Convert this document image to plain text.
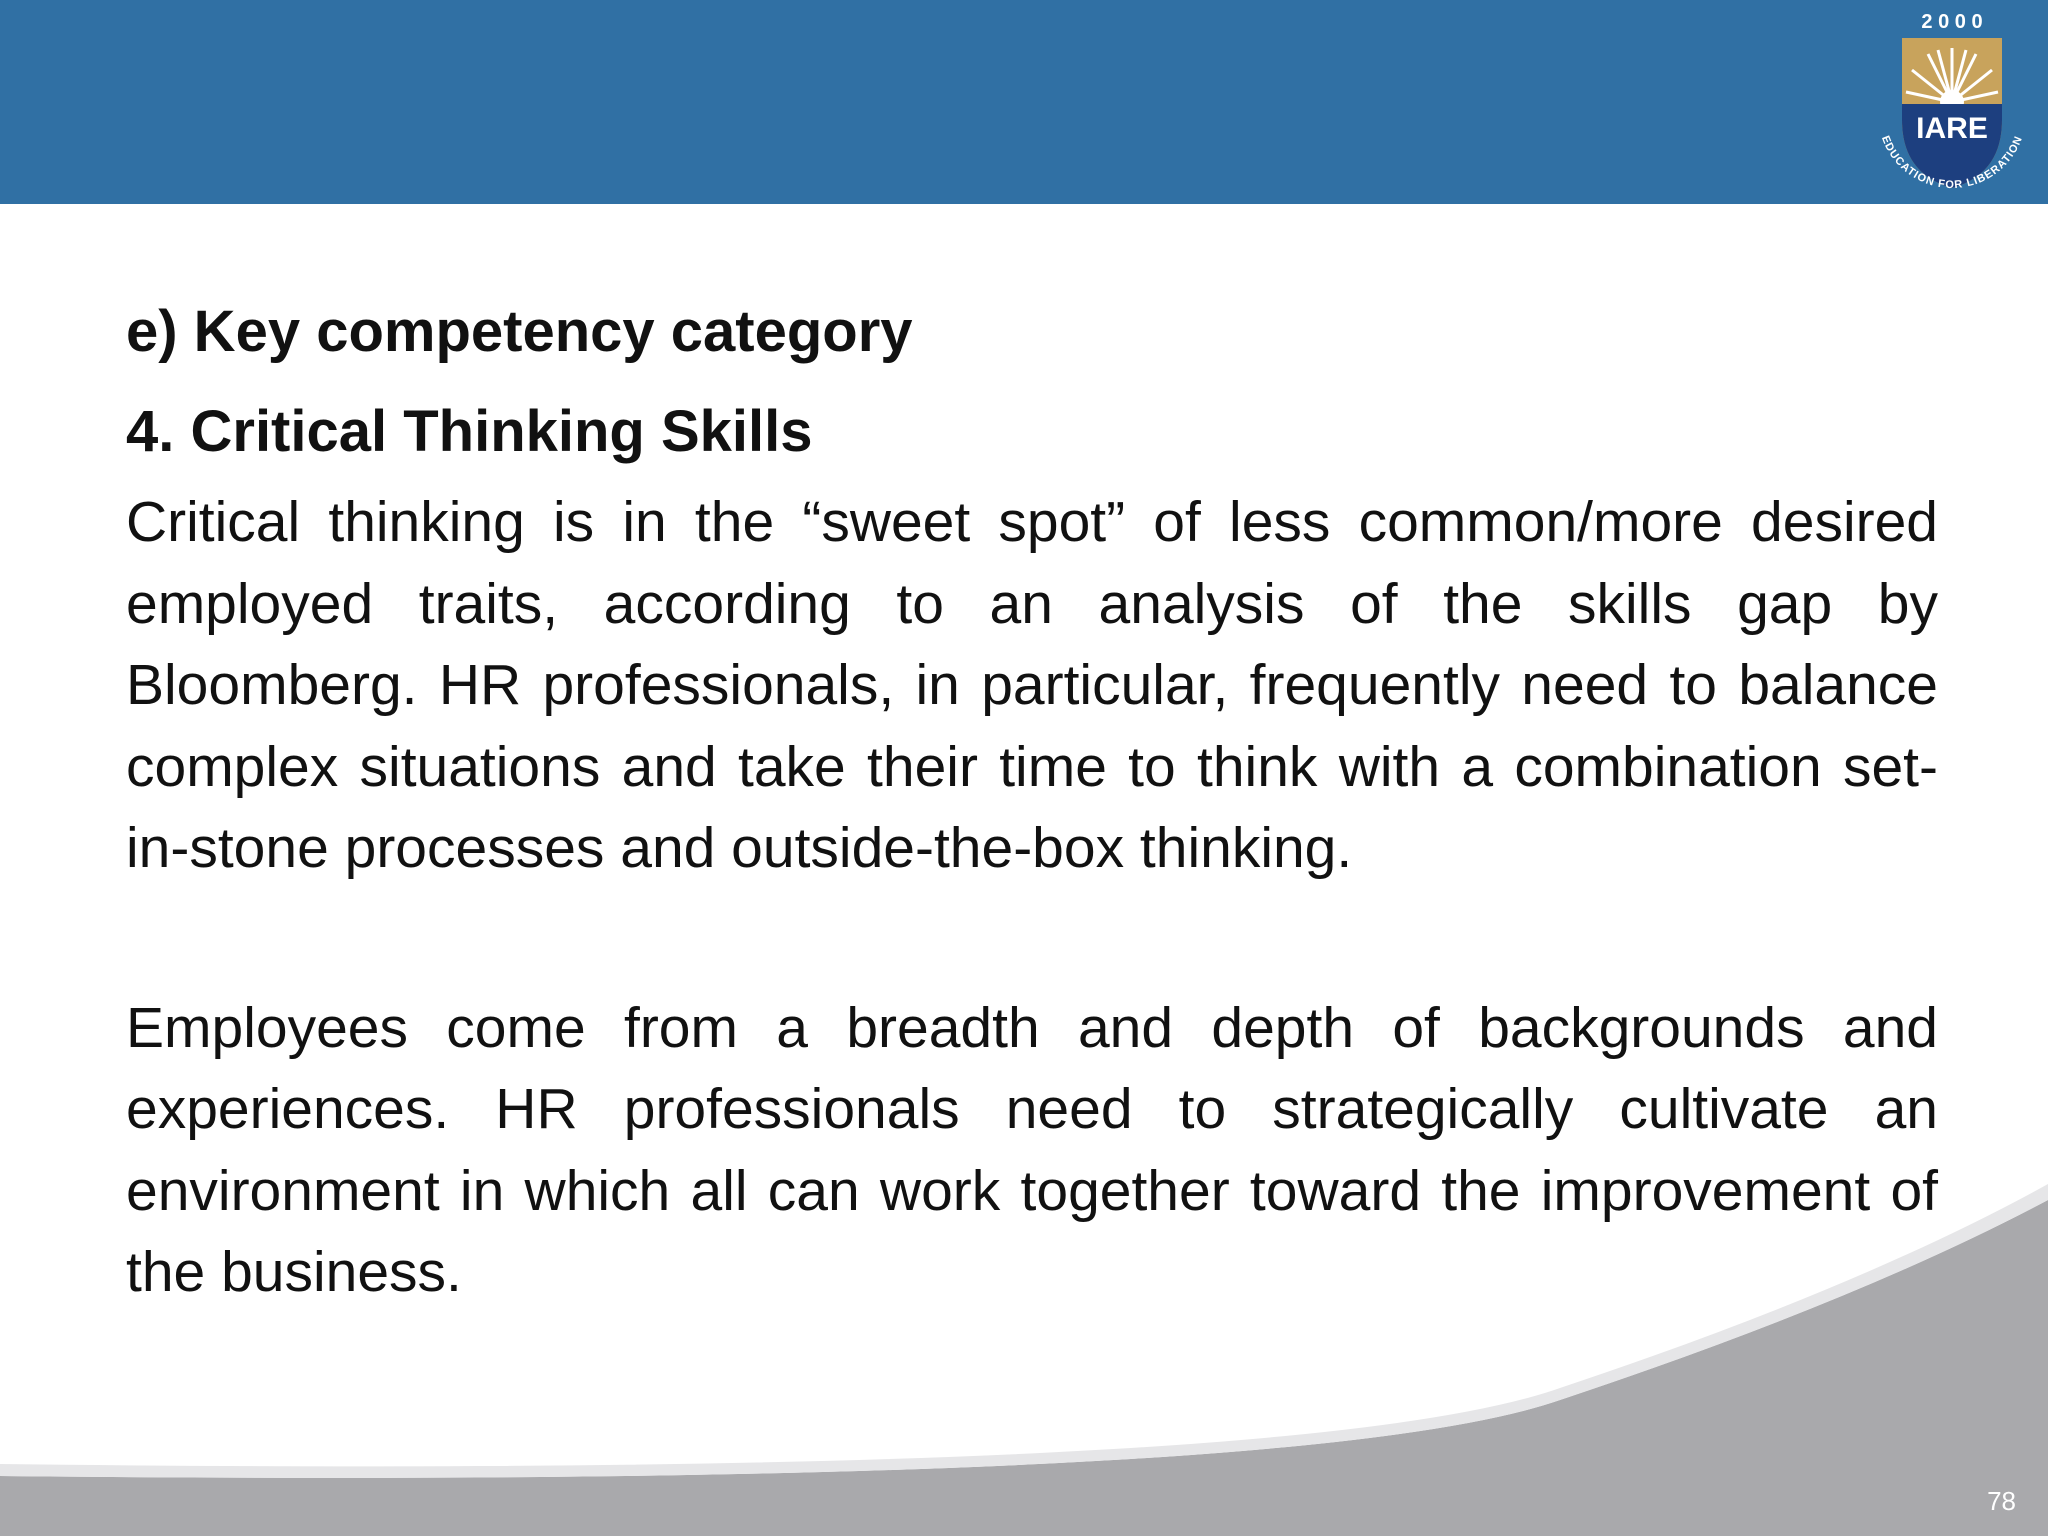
2 0 0 0
IARE
EDUCATION FOR LIBERATION

e) Key competency category

4. Critical Thinking Skills

Critical thinking is in the “sweet spot” of less common/more desired employed traits, according to an analysis of the skills gap by Bloomberg. HR professionals, in particular, frequently need to balance complex situations and take their time to think with a combination set-in-stone processes and outside-the-box thinking.

Employees come from a breadth and depth of backgrounds and experiences. HR professionals need to strategically cultivate an environment in which all can work together toward the improvement of the business.

78
